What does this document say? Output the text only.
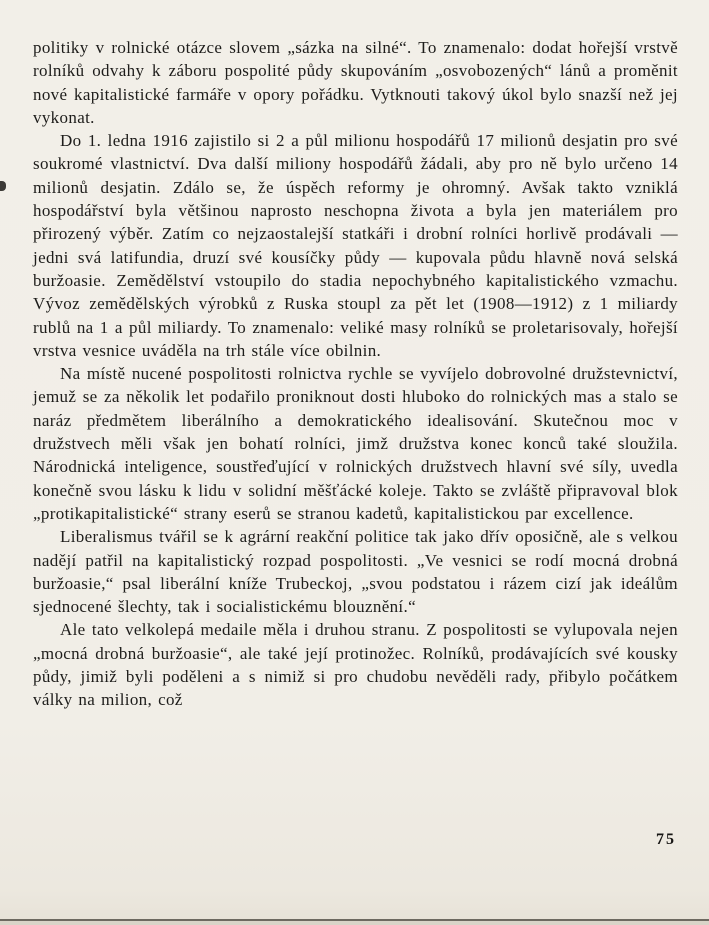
politiky v rolnické otázce slovem „sázka na silné“. To znamenalo: dodat hořejší vrstvě rolníků odvahy k záboru pospolité půdy skupováním „osvobozených“ lánů a proměnit nové kapitalistické farmáře v opory pořádku. Vytknouti takový úkol bylo snazší než jej vykonat.

Do 1. ledna 1916 zajistilo si 2 a půl milionu hospodářů 17 milionů desjatin pro své soukromé vlastnictví. Dva další miliony hospodářů žádali, aby pro ně bylo určeno 14 milionů desjatin. Zdálo se, že úspěch reformy je ohromný. Avšak takto vzniklá hospodářství byla většinou naprosto neschopna života a byla jen materiálem pro přirozený výběr. Zatím co nejzaostalejší statkáři i drobní rolníci horlivě prodávali — jedni svá latifundia, druzí své kousíčky půdy — kupovala půdu hlavně nová selská buržoasie. Zemědělství vstoupilo do stadia nepochybného kapitalistického vzmachu. Vývoz zemědělských výrobků z Ruska stoupl za pět let (1908—1912) z 1 miliardy rublů na 1 a půl miliardy. To znamenalo: veliké masy rolníků se proletarisovaly, hořejší vrstva vesnice uváděla na trh stále více obilnin.

Na místě nucené pospolitosti rolnictva rychle se vyvíjelo dobrovolné družstevnictví, jemuž se za několik let podařilo proniknout dosti hluboko do rolnických mas a stalo se naráz předmětem liberálního a demokratického idealisování. Skutečnou moc v družstvech měli však jen bohatí rolníci, jimž družstva konec konců také sloužila. Národnická inteligence, soustřeďující v rolnických družstvech hlavní své síly, uvedla konečně svou lásku k lidu v solidní měšťácké koleje. Takto se zvláště připravoval blok „protikapitalistické“ strany eserů se stranou kadetů, kapitalistickou par excellence.

Liberalismus tvářil se k agrární reakční politice tak jako dřív oposičně, ale s velkou nadějí patřil na kapitalistický rozpad pospolitosti. „Ve vesnici se rodí mocná drobná buržoasie,“ psal liberální kníže Trubeckoj, „svou podstatou i rázem cizí jak ideálům sjednocené šlechty, tak i socialistickému blouznění.“

Ale tato velkolepá medaile měla i druhou stranu. Z pospolitosti se vylupovala nejen „mocná drobná buržoasie“, ale také její protinožec. Rolníků, prodávajících své kousky půdy, jimiž byli poděleni a s nimiž si pro chudobu nevěděli rady, přibylo počátkem války na milion, což

75
